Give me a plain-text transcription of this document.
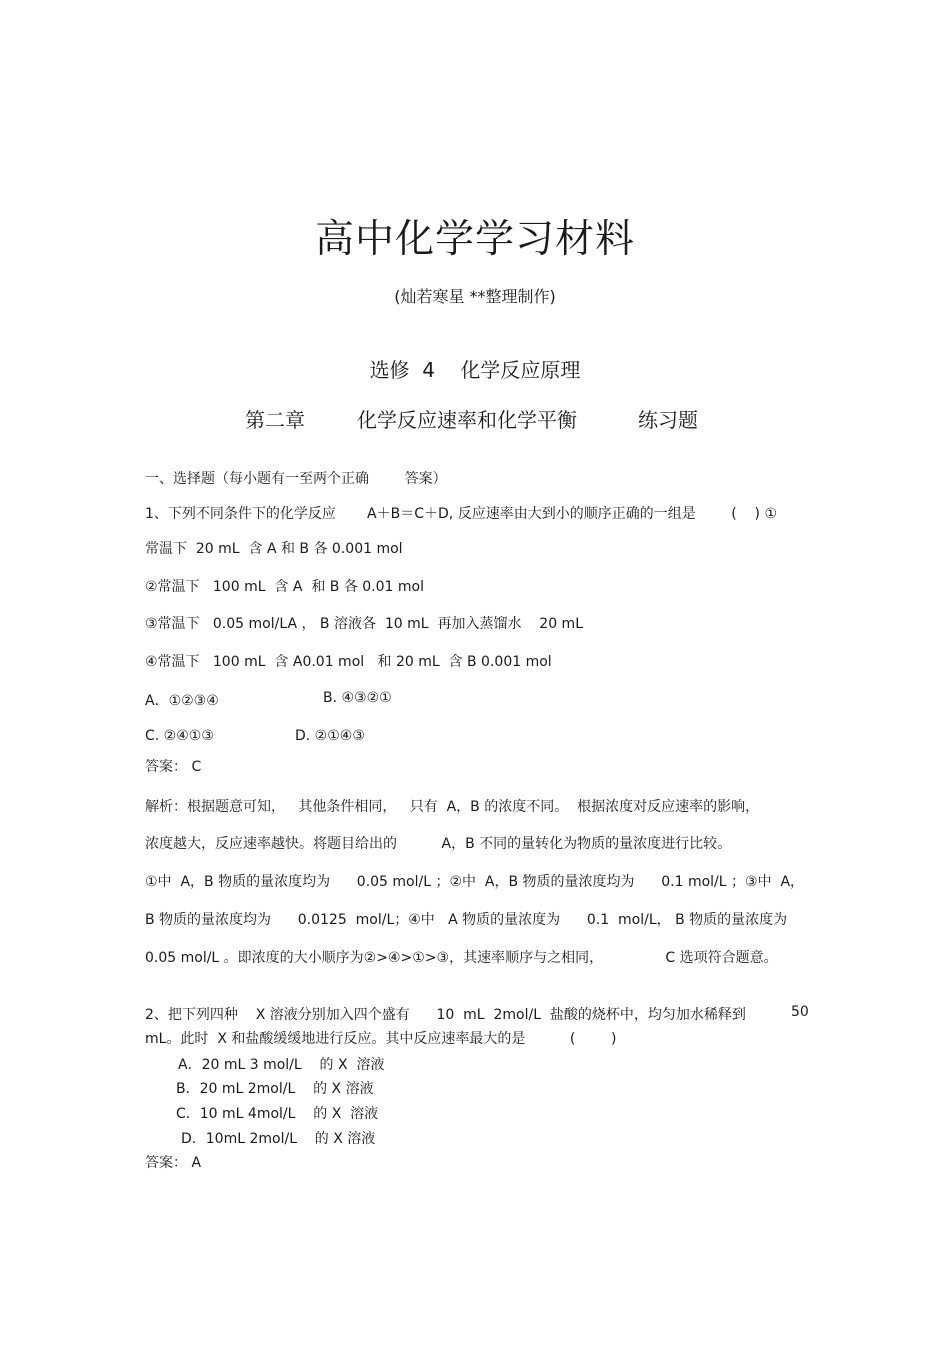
高中化学学习材料
(灿若寒星 **整理制作)
选修  4    化学反应原理
第二章	化学反应速率和化学平衡	练习题
一、选择题（每小题有一至两个正确        答案）
1、下列不同条件下的化学反应       A＋B＝C＋D, 反应速率由大到小的顺序正确的一组是        (    ) ①
常温下  20 mL  含 A 和 B 各 0.001 mol
②常温下   100 mL  含 A  和 B 各 0.01 mol
③常温下   0.05 mol/LA ， B 溶液各  10 mL  再加入蒸馏水    20 mL
④常温下   100 mL  含 A0.01 mol   和 20 mL  含 B 0.001 mol
A．①②③④	B. ④③②①
C. ②④①③	D. ②①④③
答案： C
解析：根据题意可知，   其他条件相同，   只有  A，B 的浓度不同。  根据浓度对反应速率的影响，
浓度越大，反应速率越快。将题目给出的          A，B 不同的量转化为物质的量浓度进行比较。
①中  A，B 物质的量浓度均为      0.05 mol/L ；②中  A，B 物质的量浓度均为      0.1 mol/L ；③中  A，
B 物质的量浓度均为      0.0125  mol/L；④中   A 物质的量浓度为      0.1  mol/L， B 物质的量浓度为
0.05 mol/L 。即浓度的大小顺序为②>④>①>③，其速率顺序与之相同，              C 选项符合题意。
2、把下列四种    X 溶液分别加入四个盛有      10  mL  2mol/L  盐酸的烧杯中，均匀加水稀释到	50
mL。此时  X 和盐酸缓缓地进行反应。其中反应速率最大的是          (        )
A．20 mL 3 mol/L    的 X  溶液
B．20 mL 2mol/L    的 X 溶液
C．10 mL 4mol/L    的 X  溶液
D．10mL 2mol/L    的 X 溶液
答案： A
